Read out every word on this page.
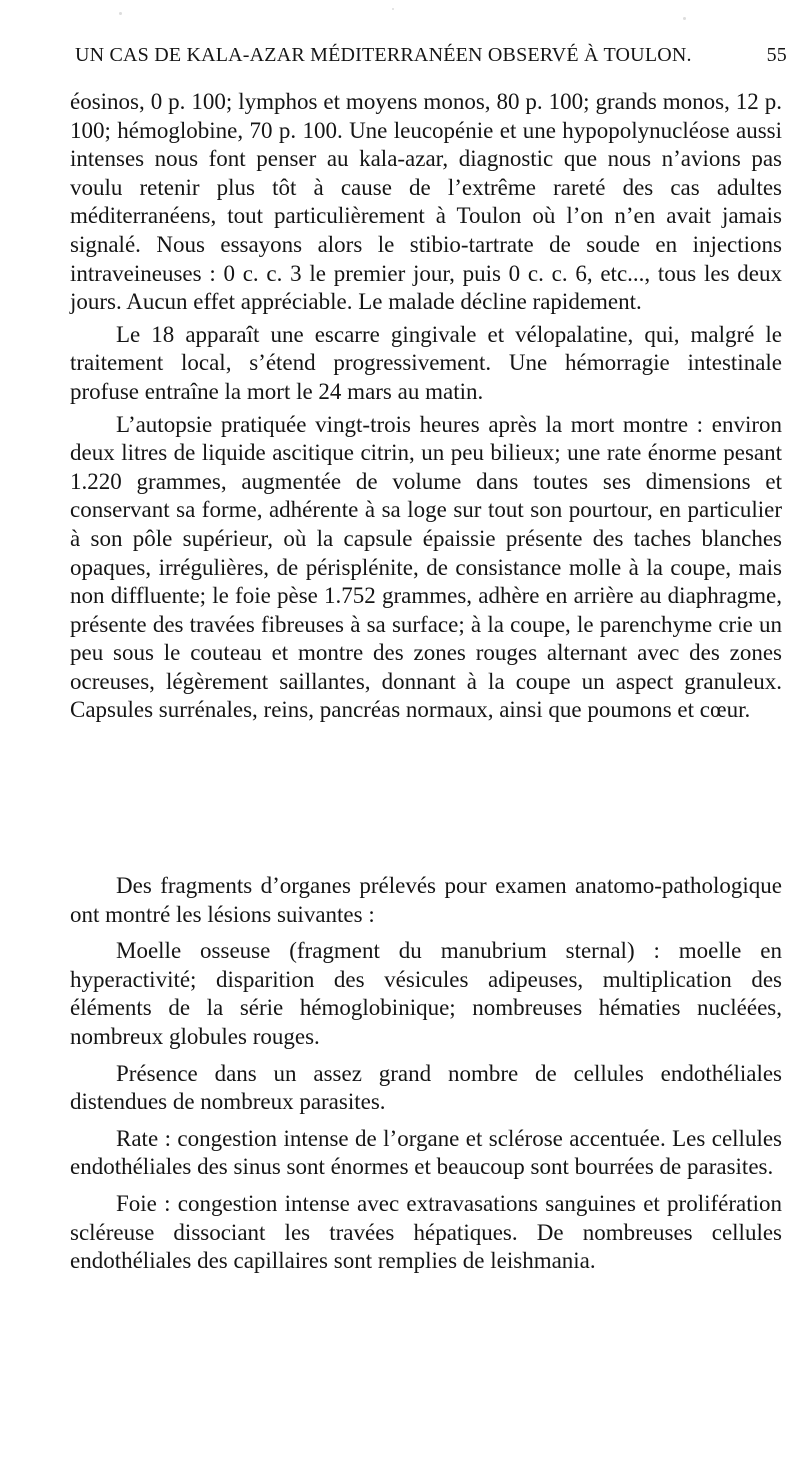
UN CAS DE KALA-AZAR MÉDITERRANÉEN OBSERVÉ À TOULON.	55

éosinos, 0 p. 100; lymphos et moyens monos, 80 p. 100; grands monos, 12 p. 100; hémoglobine, 70 p. 100. Une leucopénie et une hypopolynucléose aussi intenses nous font penser au kala-azar, diagnostic que nous n’avions pas voulu retenir plus tôt à cause de l’extrême rareté des cas adultes méditerranéens, tout particulièrement à Toulon où l’on n’en avait jamais signalé. Nous essayons alors le stibio-tartrate de soude en injections intraveineuses : 0 c. c. 3 le premier jour, puis 0 c. c. 6, etc..., tous les deux jours. Aucun effet appréciable. Le malade décline rapidement.

Le 18 apparaît une escarre gingivale et vélopalatine, qui, malgré le traitement local, s’étend progressivement. Une hémorragie intestinale profuse entraîne la mort le 24 mars au matin.

L’autopsie pratiquée vingt-trois heures après la mort montre : environ deux litres de liquide ascitique citrin, un peu bilieux; une rate énorme pesant 1.220 grammes, augmentée de volume dans toutes ses dimensions et conservant sa forme, adhérente à sa loge sur tout son pourtour, en particulier à son pôle supérieur, où la capsule épaissie présente des taches blanches opaques, irrégulières, de périsplénite, de consistance molle à la coupe, mais non diffluente; le foie pèse 1.752 grammes, adhère en arrière au diaphragme, présente des travées fibreuses à sa surface; à la coupe, le parenchyme crie un peu sous le couteau et montre des zones rouges alternant avec des zones ocreuses, légèrement saillantes, donnant à la coupe un aspect granuleux. Capsules surrénales, reins, pancréas normaux, ainsi que poumons et cœur.

Des fragments d’organes prélevés pour examen anatomo-pathologique ont montré les lésions suivantes :

Moelle osseuse (fragment du manubrium sternal) : moelle en hyperactivité; disparition des vésicules adipeuses, multiplication des éléments de la série hémoglobinique; nombreuses hématies nucléées, nombreux globules rouges.

Présence dans un assez grand nombre de cellules endothéliales distendues de nombreux parasites.

Rate : congestion intense de l’organe et sclérose accentuée. Les cellules endothéliales des sinus sont énormes et beaucoup sont bourrées de parasites.

Foie : congestion intense avec extravasations sanguines et prolifération scléreuse dissociant les travées hépatiques. De nombreuses cellules endothéliales des capillaires sont remplies de leishmania.
